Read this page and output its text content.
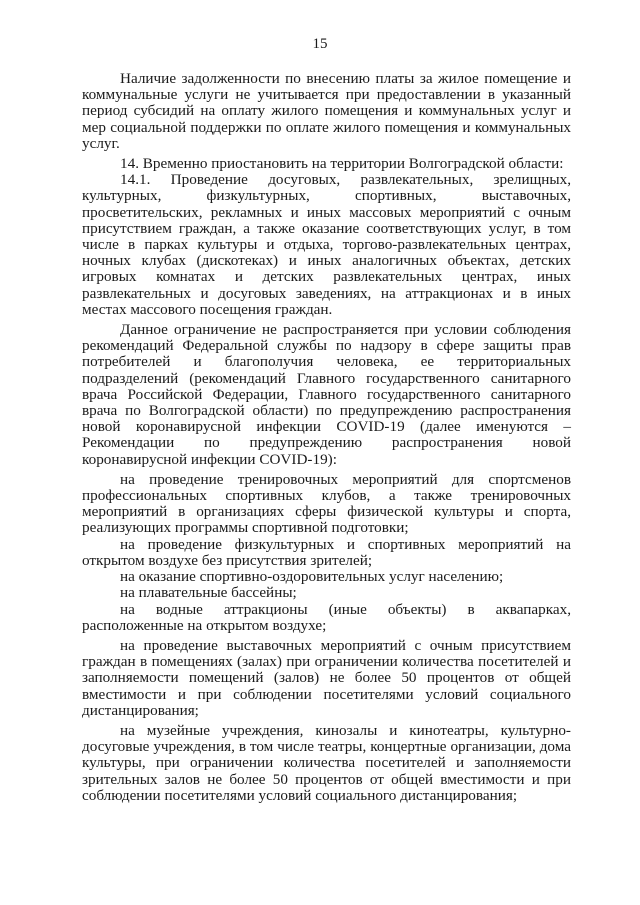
15

Наличие задолженности по внесению платы за жилое помещение и коммунальные услуги не учитывается при предоставлении в указанный период субсидий на оплату жилого помещения и коммунальных услуг и мер социальной поддержки по оплате жилого помещения и коммунальных услуг.

14. Временно приостановить на территории Волгоградской области:

14.1. Проведение досуговых, развлекательных, зрелищных, культурных, физкультурных, спортивных, выставочных, просветительских, рекламных и иных массовых мероприятий с очным присутствием граждан, а также оказание соответствующих услуг, в том числе в парках культуры и отдыха, торгово-развлекательных центрах, ночных клубах (дискотеках) и иных аналогичных объектах, детских игровых комнатах и детских развлекательных центрах, иных развлекательных и досуговых заведениях, на аттракционах и в иных местах массового посещения граждан.

Данное ограничение не распространяется при условии соблюдения рекомендаций Федеральной службы по надзору в сфере защиты прав потребителей и благополучия человека, ее территориальных подразделений (рекомендаций Главного государственного санитарного врача Российской Федерации, Главного государственного санитарного врача по Волгоградской области) по предупреждению распространения новой коронавирусной инфекции COVID-19 (далее именуются – Рекомендации по предупреждению распространения новой коронавирусной инфекции COVID-19):

на проведение тренировочных мероприятий для спортсменов профессиональных спортивных клубов, а также тренировочных мероприятий в организациях сферы физической культуры и спорта, реализующих программы спортивной подготовки;

на проведение физкультурных и спортивных мероприятий на открытом воздухе без присутствия зрителей;

на оказание спортивно-оздоровительных услуг населению;

на плавательные бассейны;

на водные аттракционы (иные объекты) в аквапарках, расположенные на открытом воздухе;

на проведение выставочных мероприятий с очным присутствием граждан в помещениях (залах) при ограничении количества посетителей и заполняемости помещений (залов) не более 50 процентов от общей вместимости и при соблюдении посетителями условий социального дистанцирования;

на музейные учреждения, кинозалы и кинотеатры, культурно-досуговые учреждения, в том числе театры, концертные организации, дома культуры, при ограничении количества посетителей и заполняемости зрительных залов не более 50 процентов от общей вместимости и при соблюдении посетителями условий социального дистанцирования;
